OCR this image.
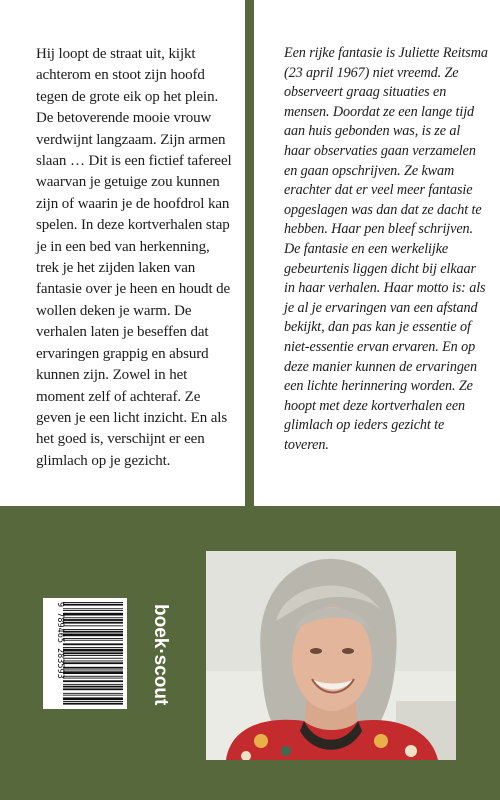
Hij loopt de straat uit, kijkt achterom en stoot zijn hoofd tegen de grote eik op het plein. De betoverende mooie vrouw verdwijnt langzaam. Zijn armen slaan … Dit is een fictief tafereel waarvan je getuige zou kunnen zijn of waarin je de hoofdrol kan spelen. In deze kortverhalen stap je in een bed van herkenning, trek je het zijden laken van fantasie over je heen en houdt de wollen deken je warm. De verhalen laten je beseffen dat ervaringen grappig en absurd kunnen zijn. Zowel in het moment zelf of achteraf. Ze geven je een licht inzicht. En als het goed is, verschijnt er een glimlach op je gezicht.

Een rijke fantasie is Juliette Reitsma (23 april 1967) niet vreemd. Ze observeert graag situaties en mensen. Doordat ze een lange tijd aan huis gebonden was, is ze al haar observaties gaan verzamelen en gaan opschrijven. Ze kwam erachter dat er veel meer fantasie opgeslagen was dan dat ze dacht te hebben. Haar pen bleef schrijven. De fantasie en een werkelijke gebeurtenis liggen dicht bij elkaar in haar verhalen. Haar motto is: als je al je ervaringen van een afstand bekijkt, dan pas kan je essentie of niet-essentie ervan ervaren. En op deze manier kunnen de ervaringen een lichte herinnering worden. Ze hoopt met deze kortverhalen een glimlach op ieders gezicht te toveren.

9 789465 283593	boek·scout
